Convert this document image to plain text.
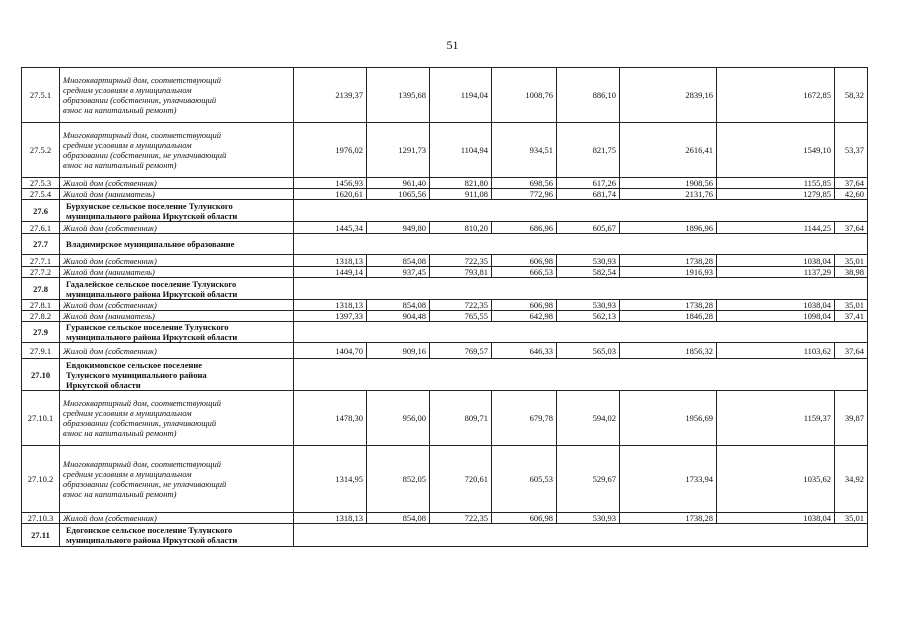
51
27.5.1	Многоквартирный дом, соответствующий
средним условиям в муниципальном
образовании (собственник, уплачивающий
взнос на капитальный ремонт)	2139,37	1395,68	1194,04	1008,76	886,10	2839,16	1672,85	58,32
27.5.2	Многоквартирный дом, соответствующий
средним условиям в муниципальном
образовании (собственник, не уплачивающий
взнос на капитальный ремонт)	1976,02	1291,73	1104,94	934,51	821,75	2616,41	1549,10	53,37
27.5.3	Жилой дом (собственник)	1456,93	961,40	821,80	698,56	617,26	1908,56	1155,85	37,64
27.5.4	Жилой дом (наниматель)	1620,61	1065,56	911,08	772,96	681,74	2131,76	1279,85	42,60
27.6	Бурхунское сельское поселение Тулунского
муниципального района Иркутской области								
27.6.1	Жилой дом (собственник)	1445,34	949,80	810,20	686,96	605,67	1896,96	1144,25	37,64
27.7	Владимирское муниципальное образование								
27.7.1	Жилой дом (собственник)	1318,13	854,08	722,35	606,98	530,93	1738,28	1038,04	35,01
27.7.2	Жилой дом (наниматель)	1449,14	937,45	793,81	666,53	582,54	1916,93	1137,29	38,98
27.8	Гадалейское сельское поселение Тулунского
муниципального района Иркутской области								
27.8.1	Жилой дом (собственник)	1318,13	854,08	722,35	606,98	530,93	1738,28	1038,04	35,01
27.8.2	Жилой дом (наниматель)	1397,33	904,48	765,55	642,98	562,13	1846,28	1098,04	37,41
27.9	Гуранское сельское поселение Тулунского
муниципального района Иркутской области								
27.9.1	Жилой дом (собственник)	1404,70	909,16	769,57	646,33	565,03	1856,32	1103,62	37,64
27.10	Евдокимовское сельское поселение
Тулунского муниципального района
Иркутской области								
27.10.1	Многоквартирный дом, соответствующий
средним условиям в муниципальном
образовании (собственник, уплачивающий
взнос на капитальный ремонт)	1478,30	956,00	809,71	679,78	594,02	1956,69	1159,37	39,87
27.10.2	Многоквартирный дом, соответствующий
средним условиям в муниципальном
образовании (собственник, не уплачивающий
взнос на капитальный ремонт)	1314,95	852,05	720,61	605,53	529,67	1733,94	1035,62	34,92
27.10.3	Жилой дом (собственник)	1318,13	854,08	722,35	606,98	530,93	1738,28	1038,04	35,01
27.11	Едогонское сельское поселение Тулунского
муниципального района Иркутской области								
